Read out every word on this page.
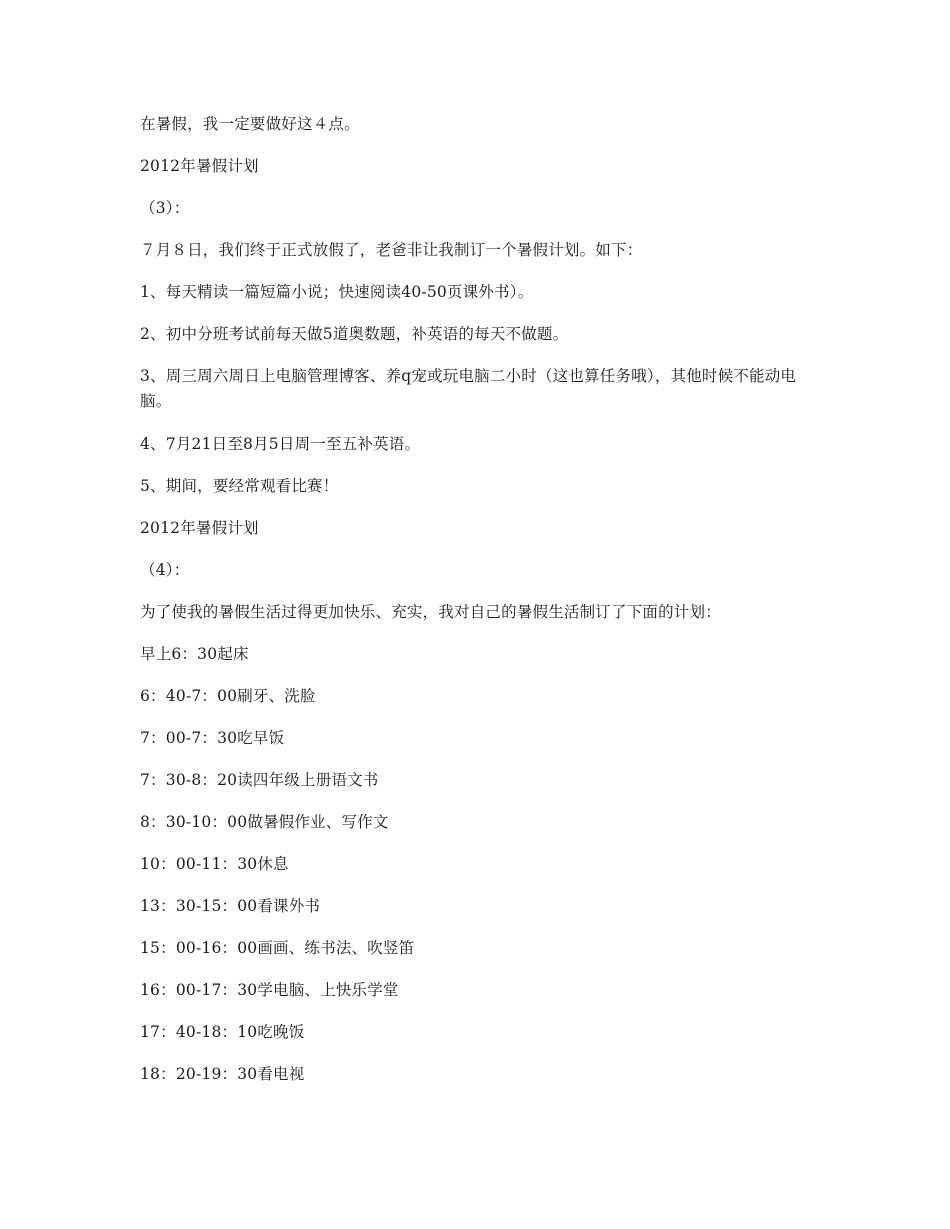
在暑假，我一定要做好这４点。

2012年暑假计划

（3）：

７月８日，我们终于正式放假了，老爸非让我制订一个暑假计划。如下：

1、每天精读一篇短篇小说；快速阅读40-50页课外书）。

2、初中分班考试前每天做5道奥数题，补英语的每天不做题。

3、周三周六周日上电脑管理博客、养q宠或玩电脑二小时（这也算任务哦），其他时候不能动电脑。

4、7月21日至8月5日周一至五补英语。

5、期间，要经常观看比赛！

2012年暑假计划

（4）：

为了使我的暑假生活过得更加快乐、充实，我对自己的暑假生活制订了下面的计划：

早上6：30起床

6：40-7：00刷牙、洗脸

7：00-7：30吃早饭

7：30-8：20读四年级上册语文书

8：30-10：00做暑假作业、写作文

10：00-11：30休息

13：30-15：00看课外书

15：00-16：00画画、练书法、吹竖笛

16：00-17：30学电脑、上快乐学堂

17：40-18：10吃晚饭

18：20-19：30看电视
